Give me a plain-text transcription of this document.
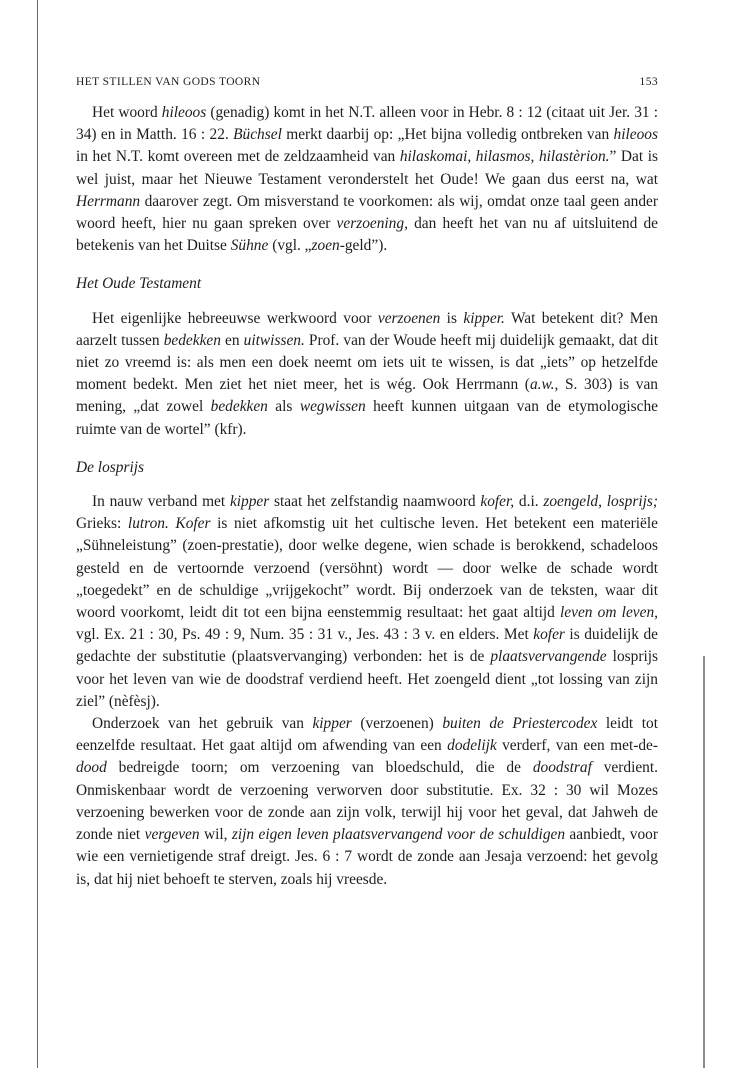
HET STILLEN VAN GODS TOORN	153

Het woord hileoos (genadig) komt in het N.T. alleen voor in Hebr. 8 : 12 (citaat uit Jer. 31 : 34) en in Matth. 16 : 22. Büchsel merkt daarbij op: „Het bijna volledig ontbreken van hileoos in het N.T. komt overeen met de zeldzaamheid van hilaskomai, hilasmos, hilastèrion.” Dat is wel juist, maar het Nieuwe Testament veronderstelt het Oude! We gaan dus eerst na, wat Herrmann daarover zegt. Om misverstand te voorkomen: als wij, omdat onze taal geen ander woord heeft, hier nu gaan spreken over verzoening, dan heeft het van nu af uitsluitend de betekenis van het Duitse Sühne (vgl. „zoen-geld”).

Het Oude Testament

Het eigenlijke hebreeuwse werkwoord voor verzoenen is kipper. Wat betekent dit? Men aarzelt tussen bedekken en uitwissen. Prof. van der Woude heeft mij duidelijk gemaakt, dat dit niet zo vreemd is: als men een doek neemt om iets uit te wissen, is dat „iets” op hetzelfde moment bedekt. Men ziet het niet meer, het is wég. Ook Herrmann (a.w., S. 303) is van mening, „dat zowel bedekken als wegwissen heeft kunnen uitgaan van de etymologische ruimte van de wortel” (kfr).

De losprijs

In nauw verband met kipper staat het zelfstandig naamwoord kofer, d.i. zoengeld, losprijs; Grieks: lutron. Kofer is niet afkomstig uit het cultische leven. Het betekent een materiële „Sühneleistung” (zoen-prestatie), door welke degene, wien schade is berokkend, schadeloos gesteld en de vertoornde verzoend (versöhnt) wordt — door welke de schade wordt „toegedekt” en de schuldige „vrijgekocht” wordt. Bij onderzoek van de teksten, waar dit woord voorkomt, leidt dit tot een bijna eenstemmig resultaat: het gaat altijd leven om leven, vgl. Ex. 21 : 30, Ps. 49 : 9, Num. 35 : 31 v., Jes. 43 : 3 v. en elders. Met kofer is duidelijk de gedachte der substitutie (plaatsvervanging) verbonden: het is de plaatsvervangende losprijs voor het leven van wie de doodstraf verdiend heeft. Het zoengeld dient „tot lossing van zijn ziel” (nèfèsj).

Onderzoek van het gebruik van kipper (verzoenen) buiten de Priestercodex leidt tot eenzelfde resultaat. Het gaat altijd om afwending van een dodelijk verderf, van een met-de-dood bedreigde toorn; om verzoening van bloedschuld, die de doodstraf verdient. Onmiskenbaar wordt de verzoening verworven door substitutie. Ex. 32 : 30 wil Mozes verzoening bewerken voor de zonde aan zijn volk, terwijl hij voor het geval, dat Jahweh de zonde niet vergeven wil, zijn eigen leven plaatsvervangend voor de schuldigen aanbiedt, voor wie een vernietigende straf dreigt. Jes. 6 : 7 wordt de zonde aan Jesaja verzoend: het gevolg is, dat hij niet behoeft te sterven, zoals hij vreesde.
